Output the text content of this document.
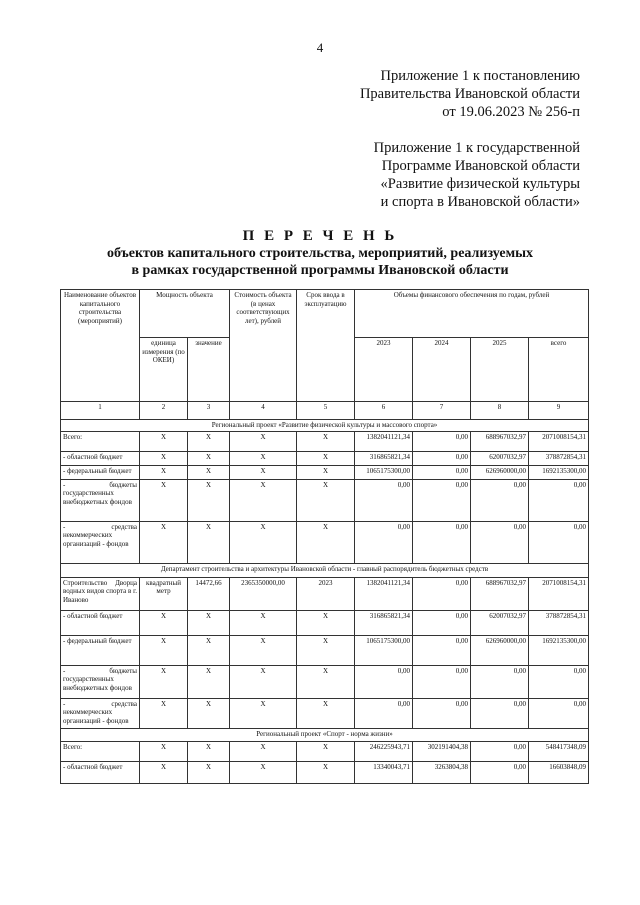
4
Приложение 1 к постановлению
Правительства Ивановской области
от 19.06.2023 № 256-п
Приложение 1 к государственной
Программе Ивановской области
«Развитие физической культуры
и спорта в Ивановской области»
П Е Р Е Ч Е Н Ь
объектов капитального строительства, мероприятий, реализуемых
в рамках государственной программы Ивановской области
Наименование объектов капитального строительства (мероприятий)	Мощность объекта		Стоимость объекта (в ценах соответствующих лет), рублей	Срок ввода в эксплуатацию	Объемы финансового обеспечения по годам, рублей			
	единица измерения (по ОКЕИ)	значение			2023	2024	2025	всего
1	2	3	4	5	6	7	8	9
Региональный проект «Развитие физической культуры и массового спорта»								
Всего:	X	X	X	X	1382041121,34	0,00	688967032,97	2071008154,31
- областной бюджет	X	X	X	X	316865821,34	0,00	62007032,97	378872854,31
- федеральный бюджет	X	X	X	X	1065175300,00	0,00	626960000,00	1692135300,00
- бюджеты государственных внебюджетных фондов	X	X	X	X	0,00	0,00	0,00	0,00
- средства некоммерческих организаций - фондов	X	X	X	X	0,00	0,00	0,00	0,00
Департамент строительства и архитектуры Ивановской области - главный распорядитель бюджетных средств								
Строительство Дворца водных видов спорта в г. Иваново	квадратный метр	14472,66	2365350000,00	2023	1382041121,34	0,00	688967032,97	2071008154,31
- областной бюджет	X	X	X	X	316865821,34	0,00	62007032,97	378872854,31
- федеральный бюджет	X	X	X	X	1065175300,00	0,00	626960000,00	1692135300,00
- бюджеты государственных внебюджетных фондов	X	X	X	X	0,00	0,00	0,00	0,00
- средства некоммерческих организаций - фондов	X	X	X	X	0,00	0,00	0,00	0,00
Региональный проект «Спорт - норма жизни»								
Всего:	X	X	X	X	246225943,71	302191404,38	0,00	548417348,09
- областной бюджет	X	X	X	X	13340043,71	3263804,38	0,00	16603848,09
